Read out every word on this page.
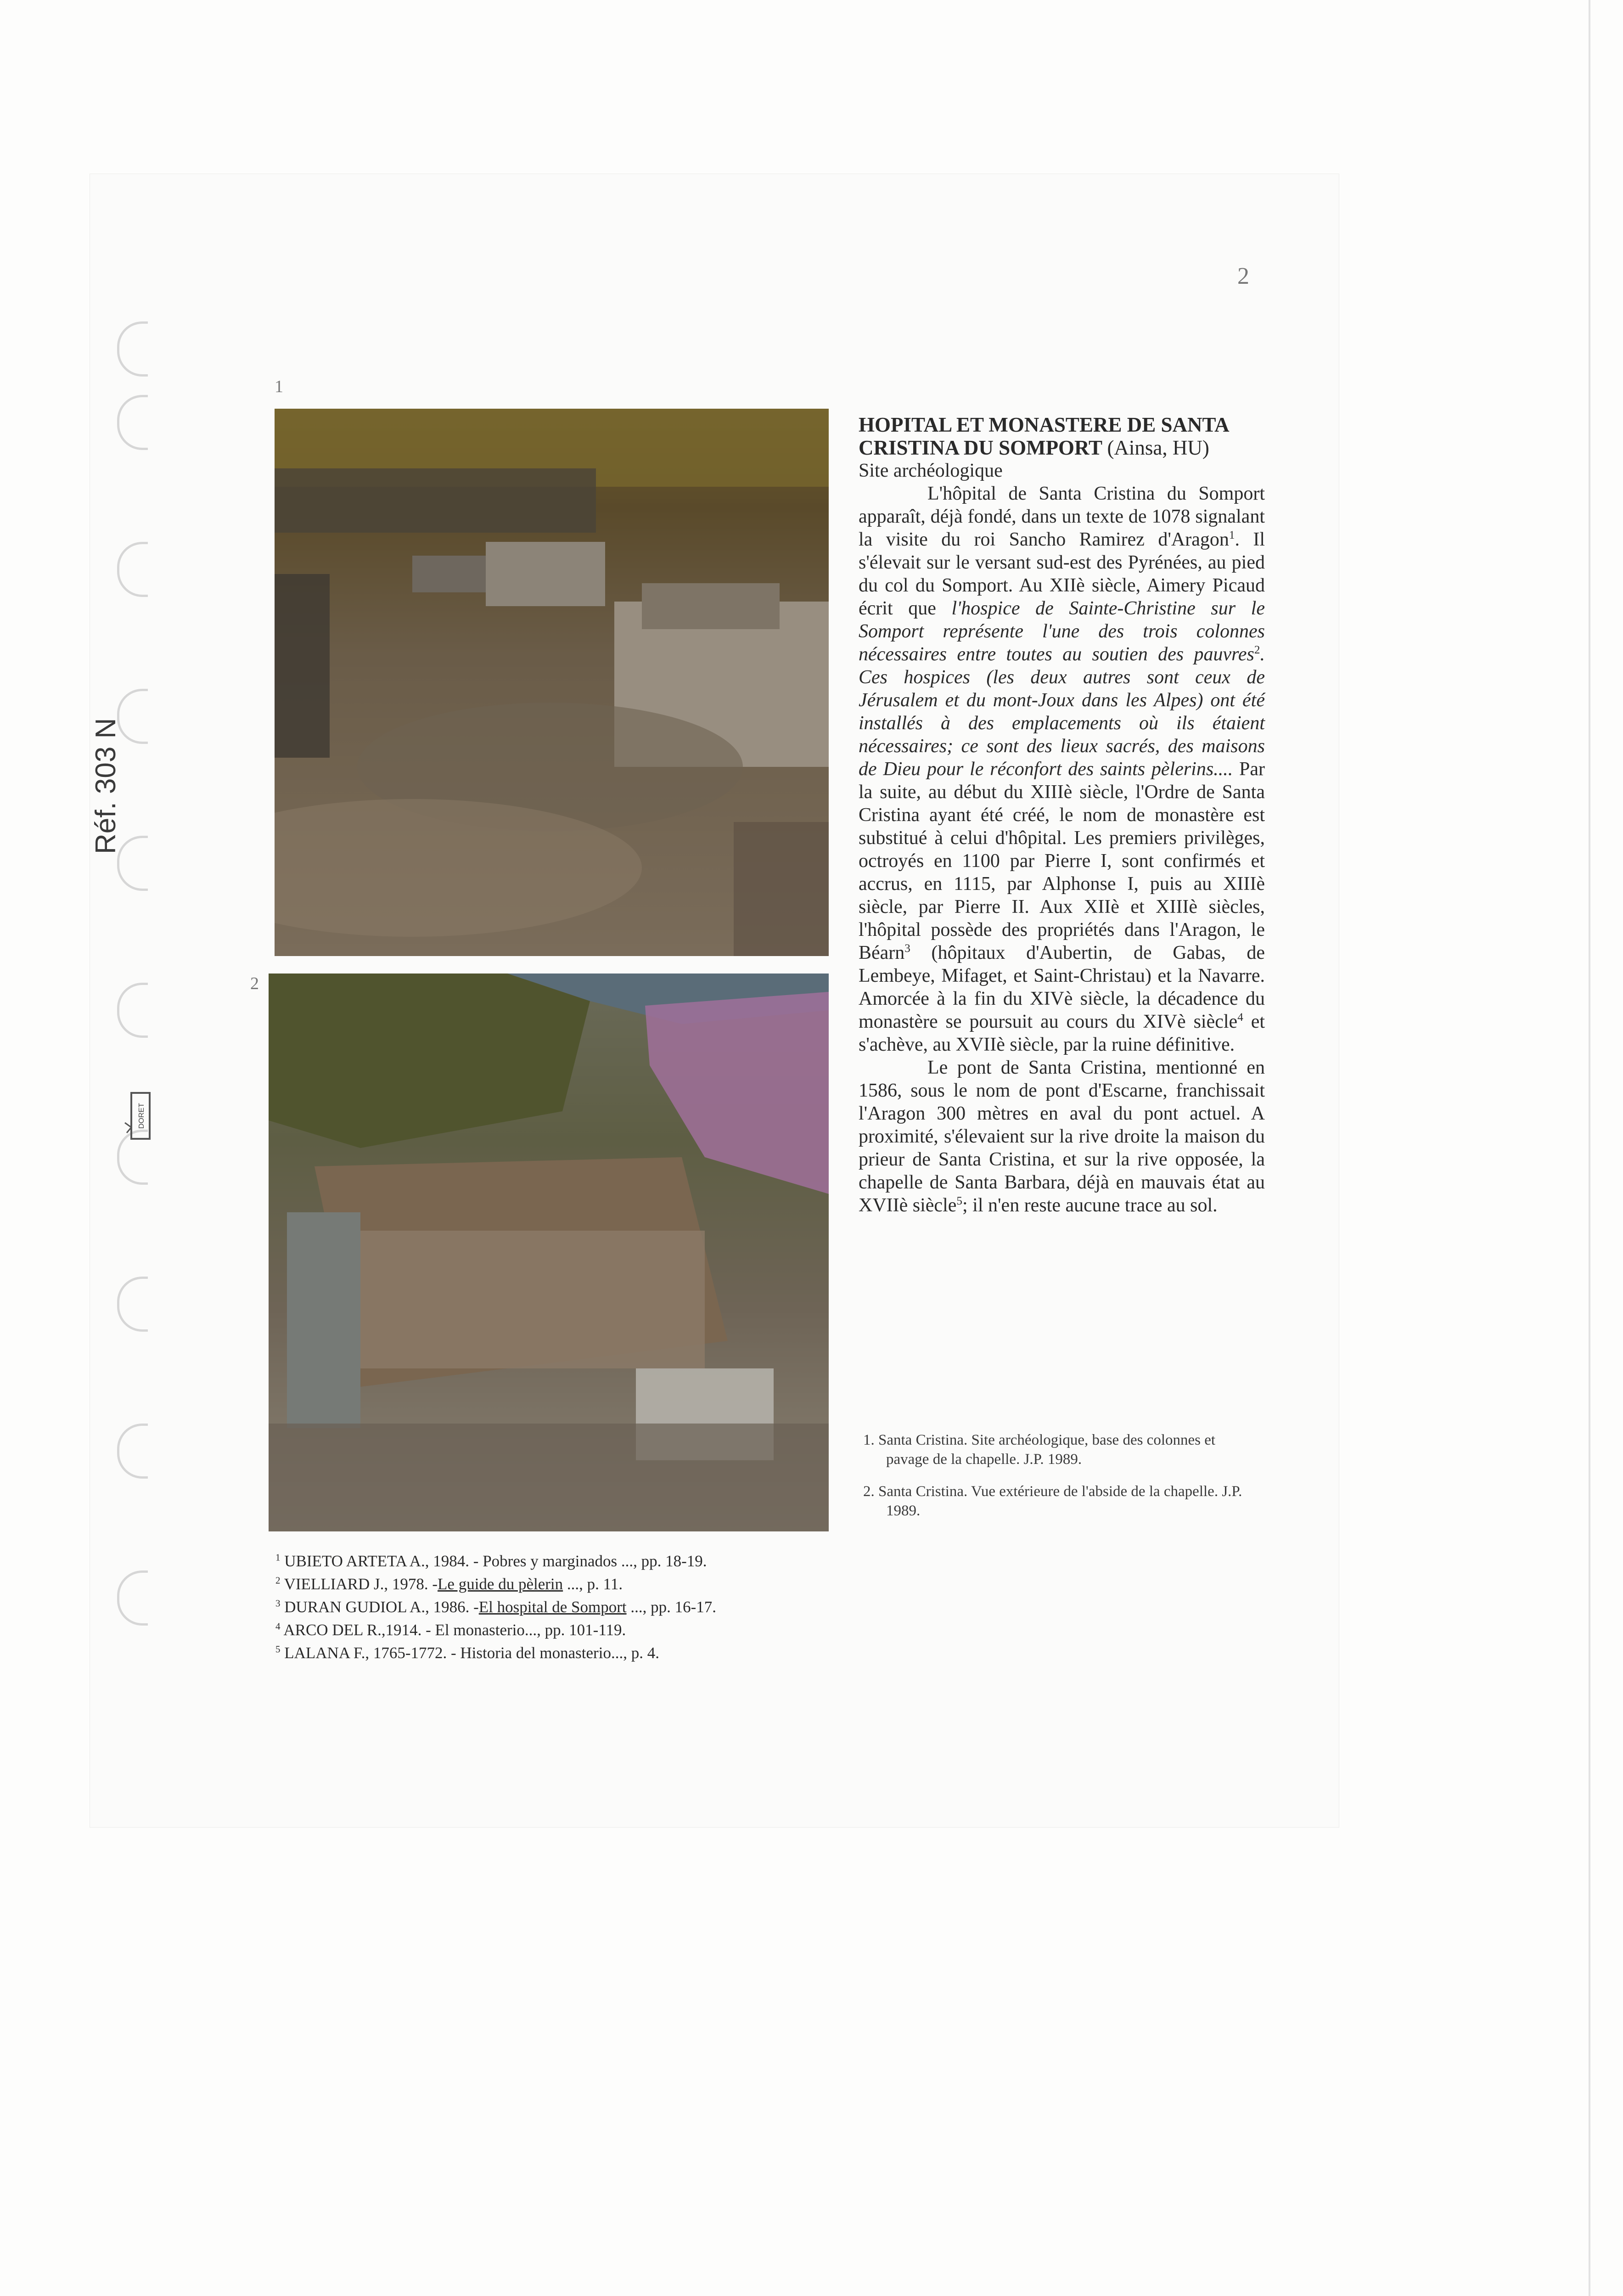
Réf. 303 N
DORET
2
1
2
HOPITAL ET MONASTERE DE SANTA CRISTINA DU SOMPORT (Ainsa, HU)

Site archéologique

L'hôpital de Santa Cristina du Somport apparaît, déjà fondé, dans un texte de 1078 signalant la visite du roi Sancho Ramirez d'Aragon$^1$. Il s'élevait sur le versant sud-est des Pyrénées, au pied du col du Somport. Au XIIè siècle, Aimery Picaud écrit que l'hospice de Sainte-Christine sur le Somport représente l'une des trois colonnes nécessaires entre toutes au soutien des pauvres$^2$. Ces hospices (les deux autres sont ceux de Jérusalem et du mont-Joux dans les Alpes) ont été installés à des emplacements où ils étaient nécessaires; ce sont des lieux sacrés, des maisons de Dieu pour le réconfort des saints pèlerins.... Par la suite, au début du XIIIè siècle, l'Ordre de Santa Cristina ayant été créé, le nom de monastère est substitué à celui d'hôpital. Les premiers privilèges, octroyés en 1100 par Pierre I, sont confirmés et accrus, en 1115, par Alphonse I, puis au XIIIè siècle, par Pierre II. Aux XIIè et XIIIè siècles, l'hôpital possède des propriétés dans l'Aragon, le Béarn$^3$ (hôpitaux d'Aubertin, de Gabas, de Lembeye, Mifaget, et Saint-Christau) et la Navarre. Amorcée à la fin du XIVè siècle, la décadence du monastère se poursuit au cours du XIVè siècle$^4$ et s'achève, au XVIIè siècle, par la ruine définitive.

Le pont de Santa Cristina, mentionné en 1586, sous le nom de pont d'Escarne, franchissait l'Aragon 300 mètres en aval du pont actuel. A proximité, s'élevaient sur la rive droite la maison du prieur de Santa Cristina, et sur la rive opposée, la chapelle de Santa Barbara, déjà en mauvais état au XVIIè siècle$^5$; il n'en reste aucune trace au sol.

1. Santa Cristina. Site archéologique, base des colonnes et pavage de la chapelle. J.P. 1989.
2. Santa Cristina. Vue extérieure de l'abside de la chapelle. J.P. 1989.
$^1$ UBIETO ARTETA A., 1984. - Pobres y marginados ..., pp. 18-19.
$^2$ VIELLIARD J., 1978. -Le guide du pèlerin ..., p. 11.
$^3$ DURAN GUDIOL A., 1986. -El hospital de Somport ..., pp. 16-17.
$^4$ ARCO DEL R.,1914. - El monasterio..., pp. 101-119.
$^5$ LALANA F., 1765-1772. - Historia del monasterio..., p. 4.
